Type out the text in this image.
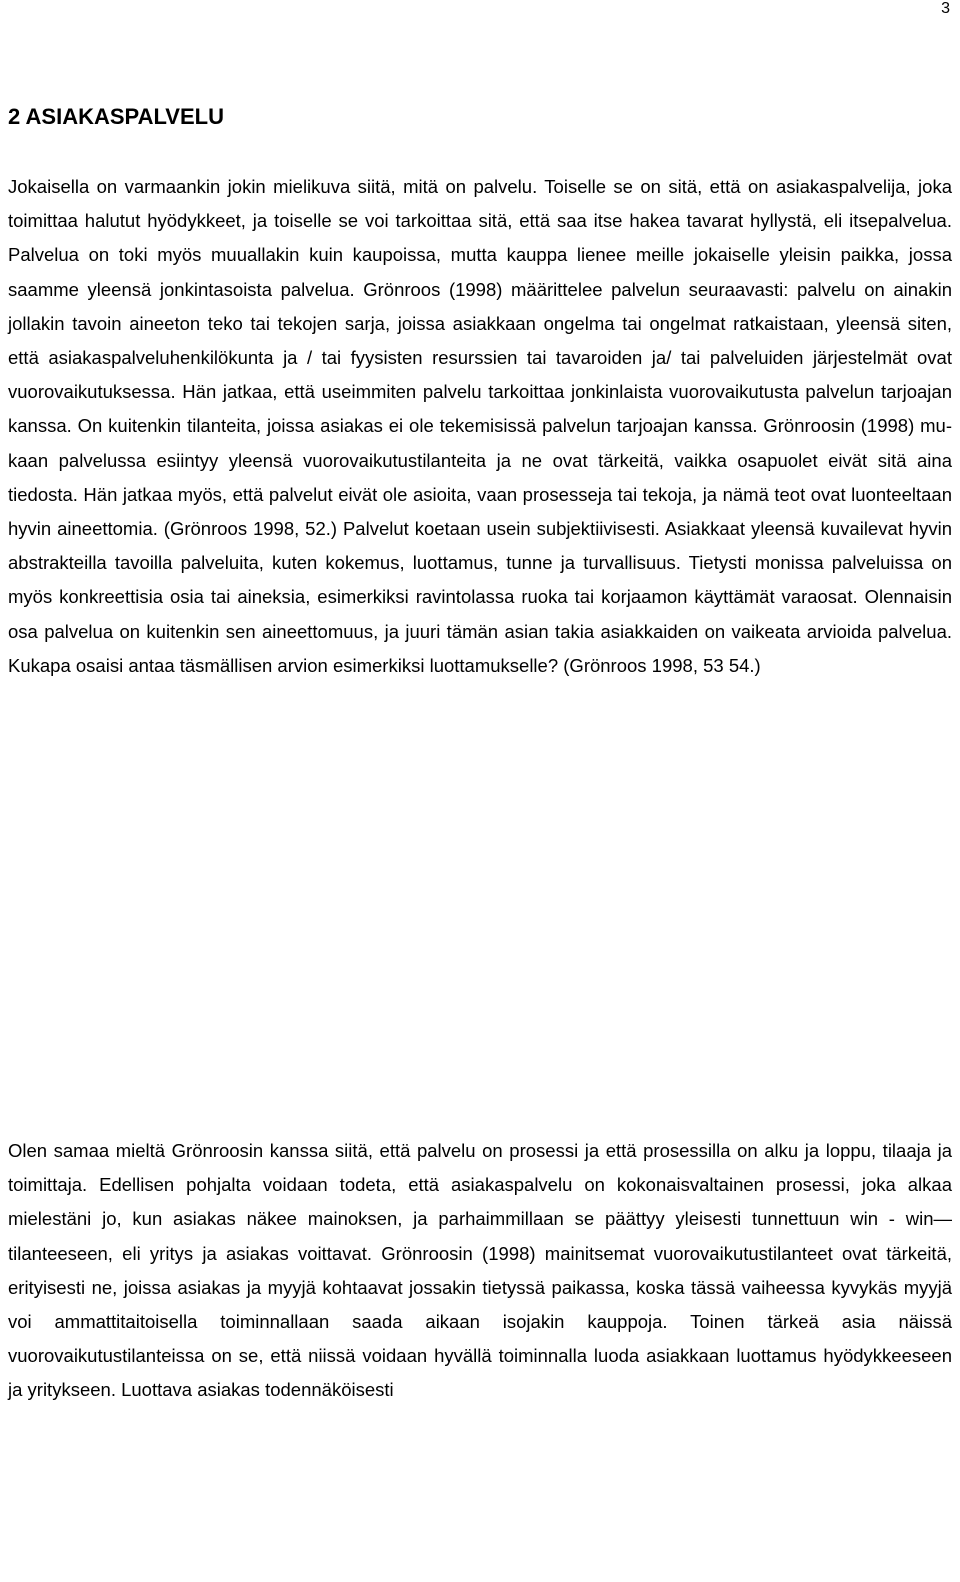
3
2 ASIAKASPALVELU

Jokaisella on varmaankin jokin mielikuva siitä, mitä on palvelu. Toiselle se on sitä, että on asiakaspalvelija, joka toimittaa halutut hyödykkeet, ja toiselle se voi tarkoittaa sitä, että saa itse hakea tavarat hyllystä, eli itsepalvelua. Palvelua on toki myös muuallakin kuin kaupoissa, mutta kauppa lienee meille jokaiselle yleisin paikka, jossa saamme yleensä jonkintasoista palvelua. Grönroos (1998) määrittelee palvelun seuraavasti: palvelu on ainakin jollakin tavoin aineeton teko tai tekojen sarja, joissa asiakkaan ongelma tai ongelmat ratkaistaan, yleensä siten, että asiakaspalveluhenkilökunta ja / tai fyysisten resurssien tai tavaroiden ja/ tai palveluiden järjestelmät ovat vuorovaikutuksessa. Hän jatkaa, että useimmiten palvelu tarkoittaa jonkinlaista vuorovaikutusta palvelun tarjoajan kanssa. On kuitenkin tilanteita, joissa asiakas ei ole tekemisissä palvelun tarjoajan kanssa. Grönroosin (1998) mukaan palvelussa esiintyy yleensä vuorovaikutustilanteita ja ne ovat tärkeitä, vaikka osapuolet eivät sitä aina tiedosta. Hän jatkaa myös, että palvelut eivät ole asioita, vaan prosesseja tai tekoja, ja nämä teot ovat luonteeltaan hyvin aineettomia. (Grönroos 1998, 52.) Palvelut koetaan usein subjektiivisesti. Asiakkaat yleensä kuvailevat hyvin abstrakteilla tavoilla palveluita, kuten kokemus, luottamus, tunne ja turvallisuus. Tietysti monissa palveluissa on myös konkreettisia osia tai aineksia, esimerkiksi ravintolassa ruoka tai korjaamon käyttämät varaosat. Olennaisin osa palvelua on kuitenkin sen aineettomuus, ja juuri tämän asian takia asiakkaiden on vaikeata arvioida palvelua. Kukapa osaisi antaa täsmällisen arvion esimerkiksi luottamukselle? (Grönroos 1998, 53 54.)

Olen samaa mieltä Grönroosin kanssa siitä, että palvelu on prosessi ja että prosessilla on alku ja loppu, tilaaja ja toimittaja. Edellisen pohjalta voidaan todeta, että asiakaspalvelu on kokonaisvaltainen prosessi, joka alkaa mielestäni jo, kun asiakas näkee mainoksen, ja parhaimmillaan se päättyy yleisesti tunnettuun win - win—tilanteeseen, eli yritys ja asiakas voittavat. Grönroosin (1998) mainitsemat vuorovaikutustilanteet ovat tärkeitä, erityisesti ne, joissa asiakas ja myyjä kohtaavat jossakin tietyssä paikassa, koska tässä vaiheessa kyvykäs myyjä voi ammattitaitoisella toiminnallaan saada aikaan isojakin kauppoja. Toinen tärkeä asia näissä vuorovaikutustilanteissa on se, että niissä voidaan hyvällä toiminnalla luoda asiakkaan luottamus hyödykkeeseen ja yritykseen. Luottava asiakas todennäköisesti
